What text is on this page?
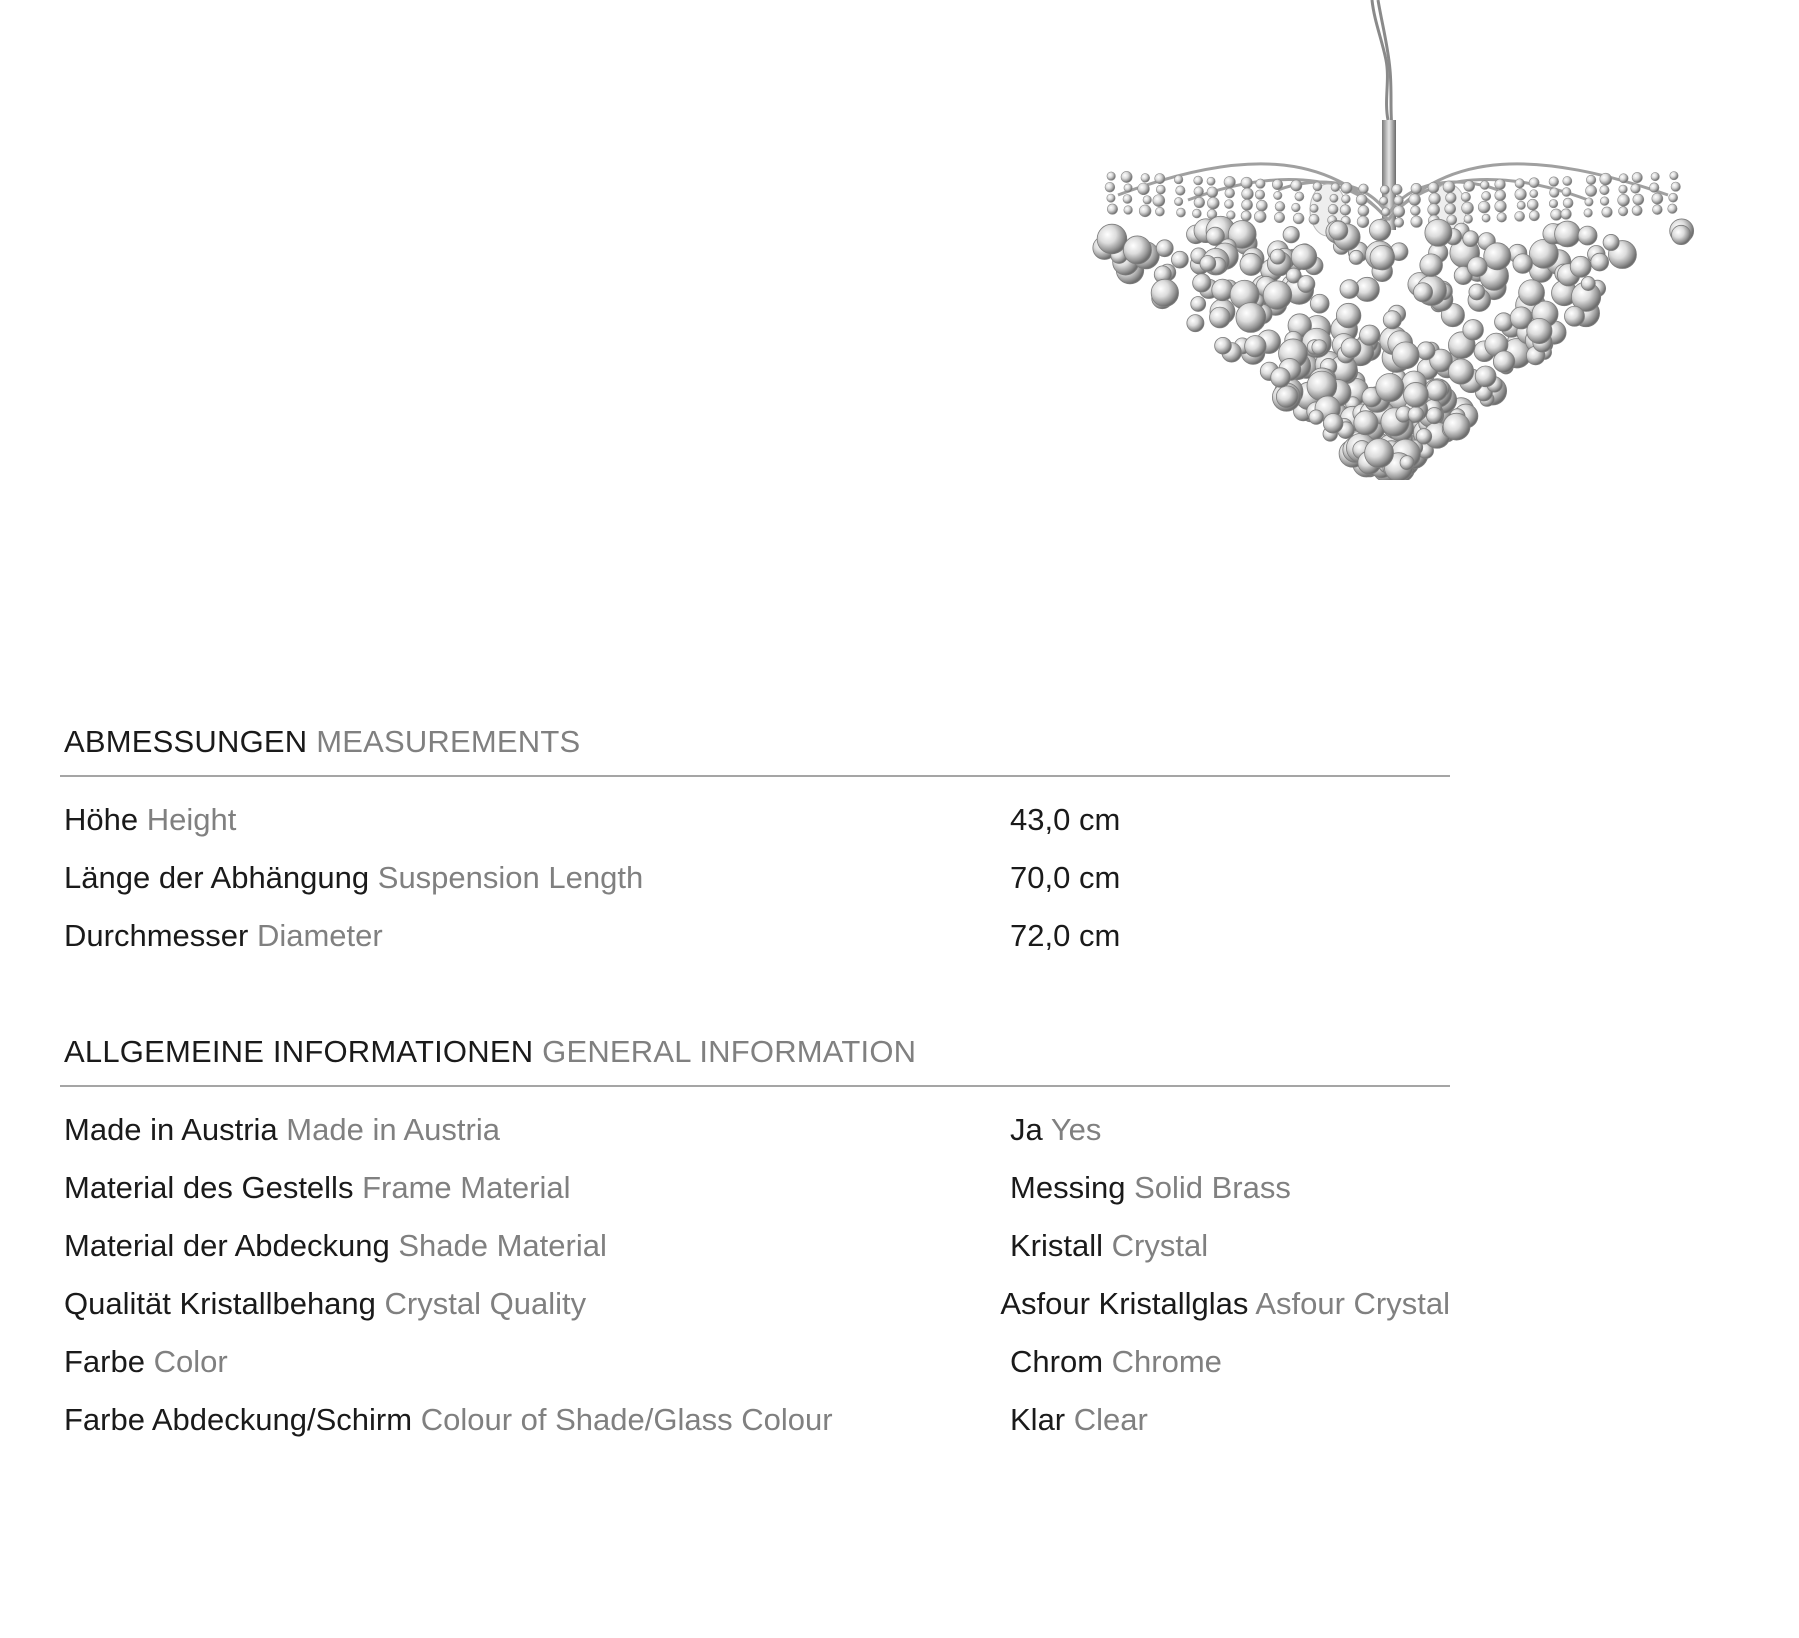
ABMESSUNGEN MEASUREMENTS
Höhe Height	43,0 cm
Länge der Abhängung Suspension Length	70,0 cm
Durchmesser Diameter	72,0 cm
ALLGEMEINE INFORMATIONEN GENERAL INFORMATION
Made in Austria Made in Austria	Ja Yes
Material des Gestells Frame Material	Messing Solid Brass
Material der Abdeckung Shade Material	Kristall Crystal
Qualität Kristallbehang Crystal Quality	Asfour Kristallglas Asfour Crystal
Farbe Color	Chrom Chrome
Farbe Abdeckung/Schirm Colour of Shade/Glass Colour	Klar Clear
